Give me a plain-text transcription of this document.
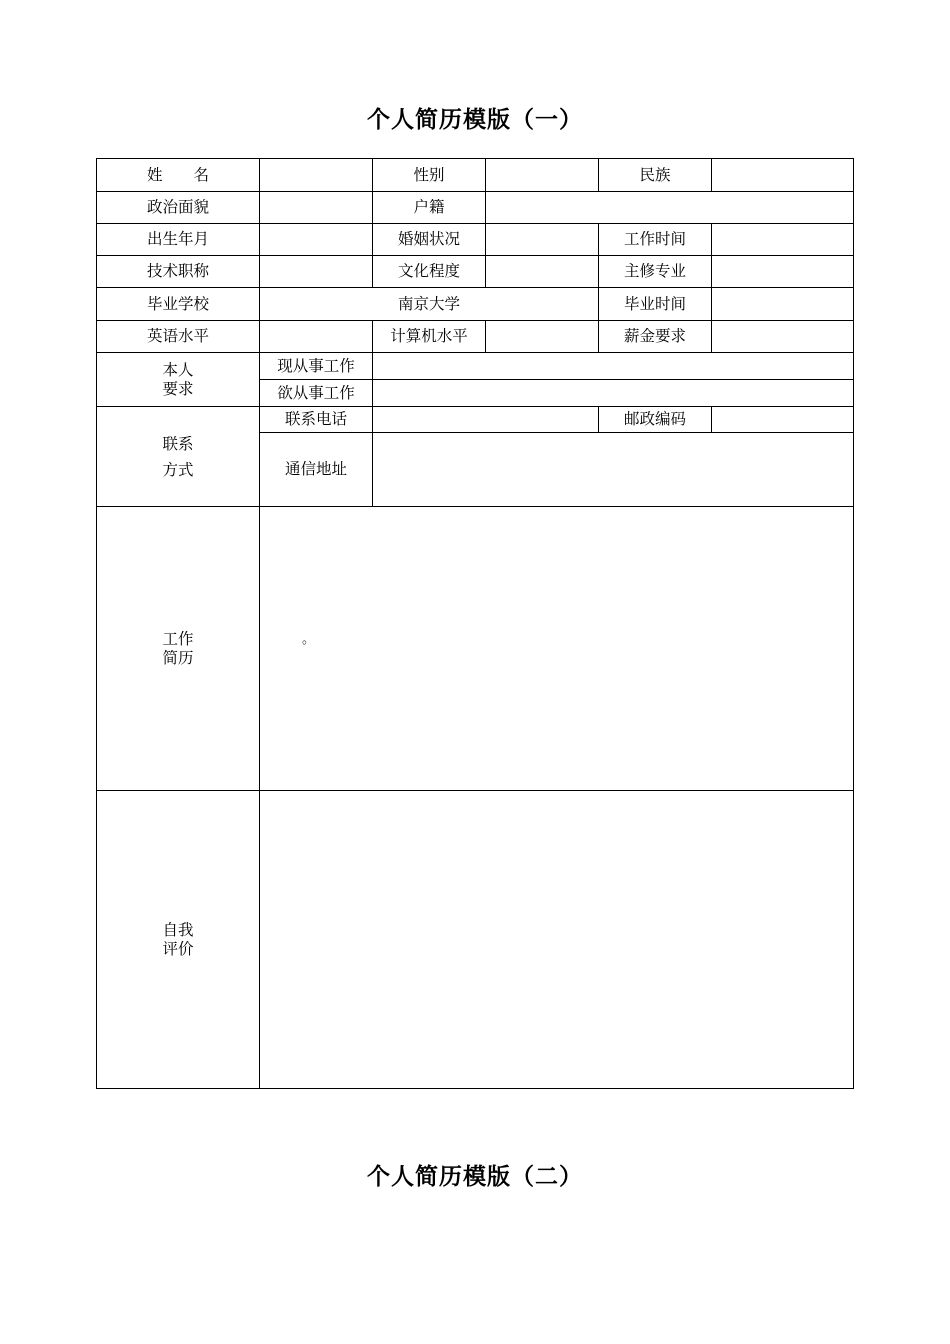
个人简历模版（一）
姓　　名		性别		民族	
政治面貌		户籍			
出生年月		婚姻状况		工作时间	
技术职称		文化程度		主修专业	
毕业学校	南京大学			毕业时间	
英语水平		计算机水平		薪金要求	

本人
要求	现从事工作				
	欲从事工作				

联系
方式	联系电话			邮政编码	
	通信地址				

工作
简历	。				

自我
评价					

个人简历模版（二）
